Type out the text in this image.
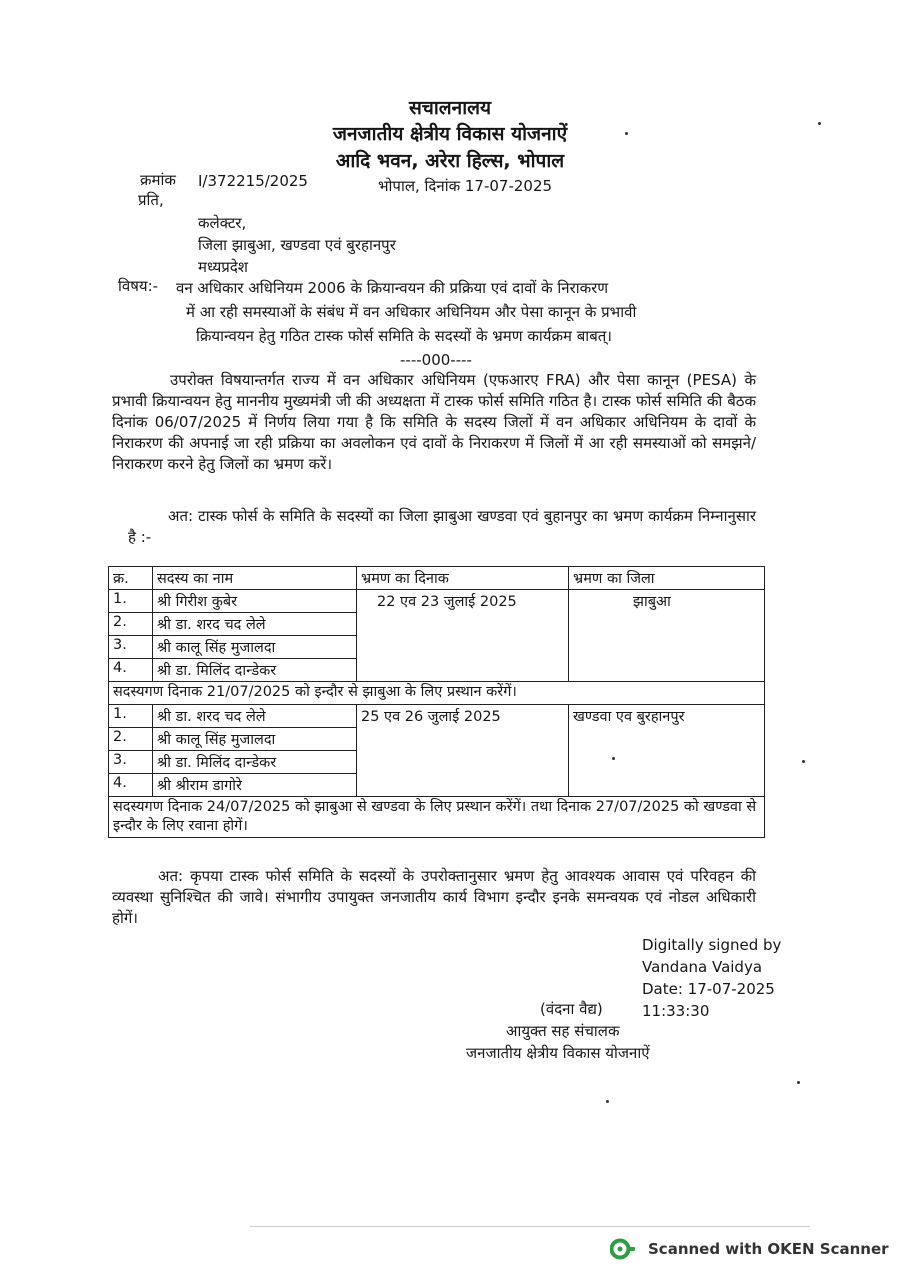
सचालनालय
जनजातीय क्षेत्रीय विकास योजनाऐं
आदि भवन, अरेरा हिल्स, भोपाल
क्रमांक I/372215/2025	भोपाल, दिनांक 17-07-2025
प्रति,
कलेक्टर,
जिला झाबुआ, खण्डवा एवं बुरहानपुर
मध्यप्रदेश
विषय:- वन अधिकार अधिनियम 2006 के क्रियान्वयन की प्रक्रिया एवं दावों के निराकरण
में आ रही समस्याओं के संबंध में वन अधिकार अधिनियम और पेसा कानून के प्रभावी
क्रियान्वयन हेतु गठित टास्क फोर्स समिति के सदस्यों के भ्रमण कार्यक्रम बाबत्।
----000----
उपरोक्त विषयान्तर्गत राज्य में वन अधिकार अधिनियम (एफआरए FRA) और पेसा कानून (PESA) के प्रभावी क्रियान्वयन हेतु माननीय मुख्यमंत्री जी की अध्यक्षता में टास्क फोर्स समिति गठित है। टास्क फोर्स समिति की बैठक दिनांक 06/07/2025 में निर्णय लिया गया है कि समिति के सदस्य जिलों में वन अधिकार अधिनियम के दावों के निराकरण की अपनाई जा रही प्रक्रिया का अवलोकन एवं दावों के निराकरण में जिलों में आ रही समस्याओं को समझने/निराकरण करने हेतु जिलों का भ्रमण करें।
अत: टास्क फोर्स के समिति के सदस्यों का जिला झाबुआ खण्डवा एवं बुहानपुर का भ्रमण कार्यक्रम निम्नानुसार है :-
क्र.	सदस्य का नाम	भ्रमण का दिनाक	भ्रमण का जिला
1.	श्री गिरीश कुबेर	22 एव 23 जुलाई 2025	झाबुआ
2.	श्री डा. शरद चद लेले		
3.	श्री कालू सिंह मुजालदा		
4.	श्री डा. मिलिंद दान्डेकर		
सदस्यगण दिनाक 21/07/2025 को इन्दौर से झाबुआ के लिए प्रस्थान करेंगें।			
1.	श्री डा. शरद चद लेले	25 एव 26 जुलाई 2025	खण्डवा एव बुरहानपुर
2.	श्री कालू सिंह मुजालदा		
3.	श्री डा. मिलिंद दान्डेकर		
4.	श्री श्रीराम डागोरे		
सदस्यगण दिनाक 24/07/2025 को झाबुआ से खण्डवा के लिए प्रस्थान करेंगें। तथा दिनाक 27/07/2025 को खण्डवा से इन्दौर के लिए रवाना होगें।			
अत: कृपया टास्क फोर्स समिति के सदस्यों के उपरोक्तानुसार भ्रमण हेतु आवश्यक आवास एवं परिवहन की व्यवस्था सुनिश्चित की जावे। संभागीय उपायुक्त जनजातीय कार्य विभाग इन्दौर इनके समन्वयक एवं नोडल अधिकारी होगें।
Digitally signed by
Vandana Vaidya
Date: 17-07-2025
11:33:30
(वंदना वैद्य)
आयुक्त सह संचालक
जनजातीय क्षेत्रीय विकास योजनाऐं
Scanned with OKEN Scanner
